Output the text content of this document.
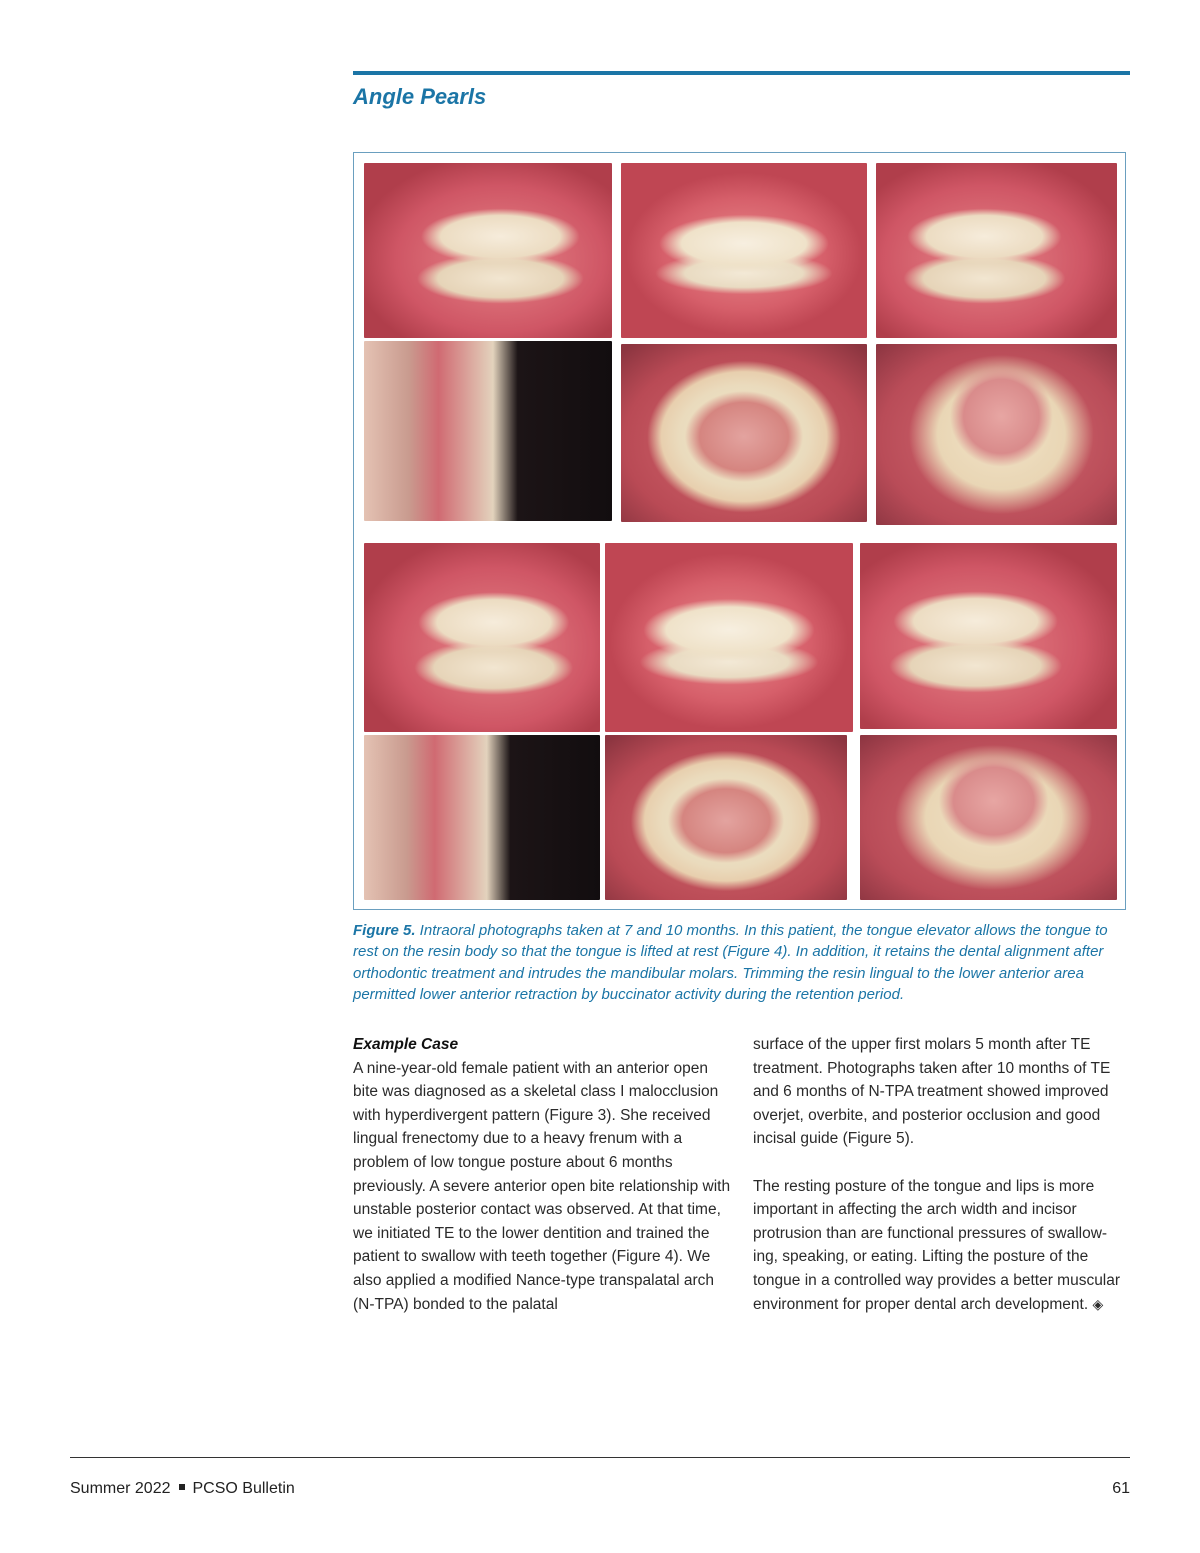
Angle Pearls

Figure 5. Intraoral photographs taken at 7 and 10 months. In this patient, the tongue elevator allows the tongue to rest on the resin body so that the tongue is lifted at rest (Figure 4). In addition, it retains the dental alignment after orthodontic treatment and intrudes the mandibular molars. Trimming the resin lingual to the lower anterior area permitted lower anterior retraction by buccinator activity during the retention period.

Example Case

A nine-year-old female patient with an anterior open bite was diagnosed as a skeletal class I malocclusion with hyperdivergent pattern (Figure 3). She received lingual frenectomy due to a heavy frenum with a problem of low tongue posture about 6 months previously. A severe anterior open bite relationship with unstable posterior contact was observed. At that time, we initiated TE to the lower dentition and trained the patient to swallow with teeth together (Figure 4). We also applied a modified Nance-type transpalatal arch (N-TPA) bonded to the palatal

surface of the upper first molars 5 month after TE treatment. Photographs taken after 10 months of TE and 6 months of N-TPA treatment showed improved overjet, overbite, and posterior occlusion and good incisal guide (Figure 5).

The resting posture of the tongue and lips is more important in affecting the arch width and incisor protrusion than are functional pressures of swallow-ing, speaking, or eating. Lifting the posture of the tongue in a controlled way provides a better muscular environment for proper dental arch development. ◈

Summer 2022 PCSO Bulletin	61
